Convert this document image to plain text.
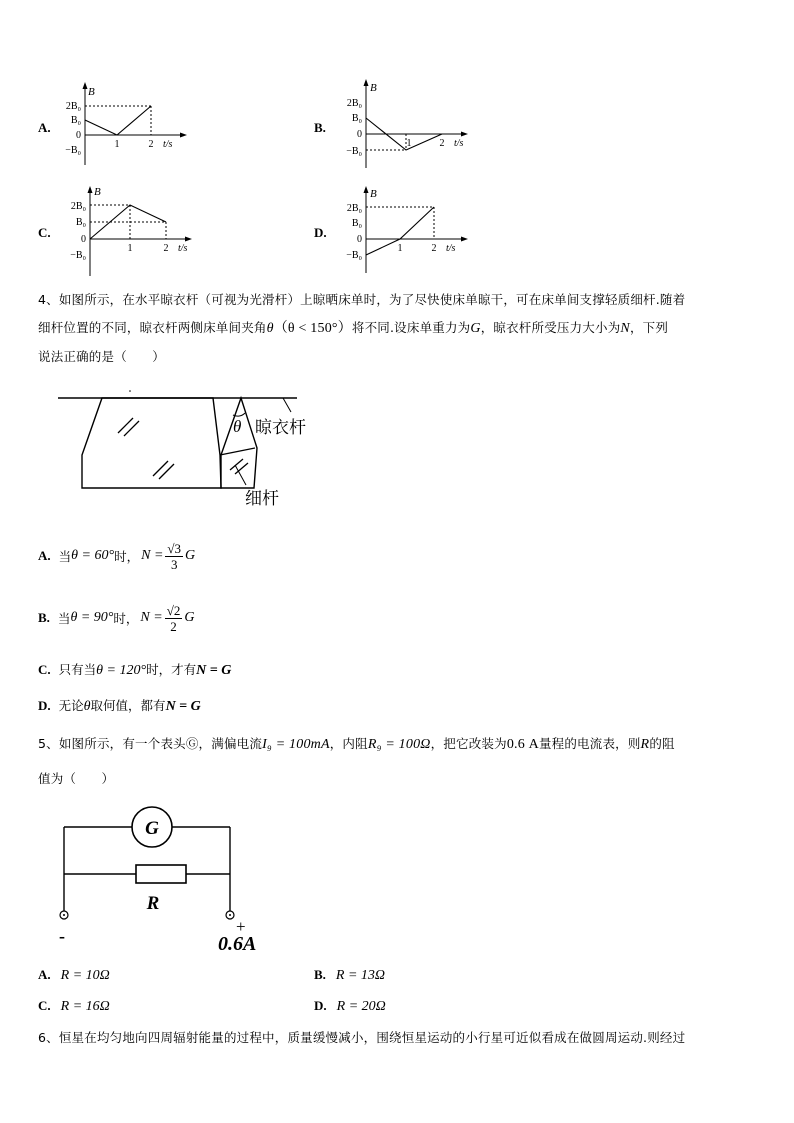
A.
B
2B₀
B₀
0
−B₀
1	2 t/s
B.
B
2B₀
B₀
0
−B₀
1	2 t/s
C.
B
2B₀
B₀
0
−B₀
1	2 t/s
D.
B
2B₀
B₀
0
−B₀
1	2 t/s
4、如图所示，在水平晾衣杆（可视为光滑杆）上晾晒床单时，为了尽快使床单晾干，可在床单间支撑轻质细杆.随着
细杆位置的不同，晾衣杆两侧床单间夹角θ（θ < 150°）将不同.设床单重力为G，晾衣杆所受压力大小为N，下列
说法正确的是（　　）
θ 晾衣杆
细杆
A. 当 θ = 60° 时， $N = \frac{√3}{3}$ G
B. 当 θ = 90° 时， $N = \frac{√2}{2}$ G
C. 只有当θ = 120°时，才有N = G
D. 无论θ取何值，都有N = G
5、如图所示，有一个表头Ⓖ，满偏电流I₉ = 100mA，内阻R₉ = 100Ω，把它改装为0.6 A量程的电流表，则R的阻
值为（　　）
G
R
-	+
0.6A
A. R = 10Ω	B. R = 13Ω
C. R = 16Ω	D. R = 20Ω
6、恒星在均匀地向四周辐射能量的过程中，质量缓慢减小，围绕恒星运动的小行星可近似看成在做圆周运动.则经过
